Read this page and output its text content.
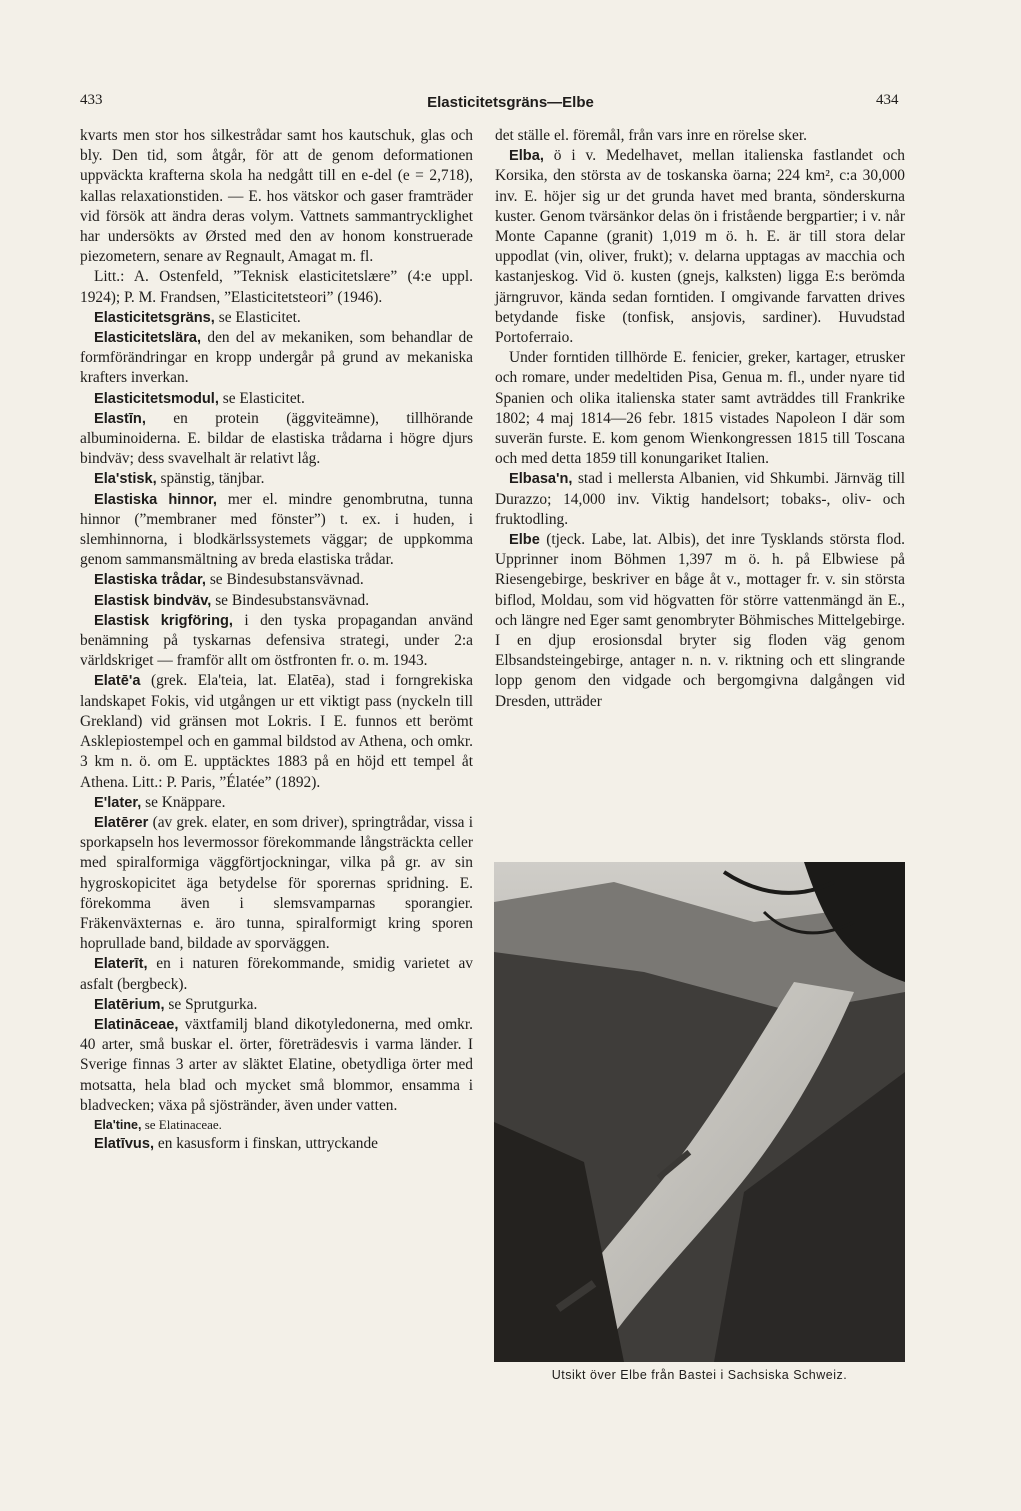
433	Elasticitetsgräns—Elbe	434

kvarts men stor hos silkestrådar samt hos kautschuk, glas och bly. Den tid, som åtgår, för att de genom deformationen uppväckta krafterna skola ha nedgått till en e-del (e = 2,718), kallas relaxationstiden. — E. hos vätskor och gaser framträder vid försök att ändra deras volym. Vattnets sammantrycklighet har undersökts av Ørsted med den av honom konstruerade piezometern, senare av Regnault, Amagat m. fl.

Litt.: A. Ostenfeld, ”Teknisk elasticitetslære” (4:e uppl. 1924); P. M. Frandsen, ”Elasticitetsteori” (1946).

Elasticitetsgräns, se Elasticitet.

Elasticitetslära, den del av mekaniken, som behandlar de formförändringar en kropp undergår på grund av mekaniska krafters inverkan.

Elasticitetsmodul, se Elasticitet.

Elastīn, en protein (äggviteämne), tillhörande albuminoiderna. E. bildar de elastiska trådarna i högre djurs bindväv; dess svavelhalt är relativt låg.

Ela'stisk, spänstig, tänjbar.

Elastiska hinnor, mer el. mindre genombrutna, tunna hinnor (”membraner med fönster”) t. ex. i huden, i slemhinnorna, i blodkärlssystemets väggar; de uppkomma genom sammansmältning av breda elastiska trådar.

Elastiska trådar, se Bindesubstansvävnad.

Elastisk bindväv, se Bindesubstansvävnad.

Elastisk krigföring, i den tyska propagandan använd benämning på tyskarnas defensiva strategi, under 2:a världskriget — framför allt om östfronten fr. o. m. 1943.

Elatē'a (grek. Ela'teia, lat. Elatēa), stad i forngrekiska landskapet Fokis, vid utgången ur ett viktigt pass (nyckeln till Grekland) vid gränsen mot Lokris. I E. funnos ett berömt Asklepiostempel och en gammal bildstod av Athena, och omkr. 3 km n. ö. om E. upptäcktes 1883 på en höjd ett tempel åt Athena. Litt.: P. Paris, ”Élatée” (1892).

E'later, se Knäppare.

Elatērer (av grek. elater, en som driver), springtrådar, vissa i sporkapseln hos levermossor förekommande långsträckta celler med spiralformiga väggförtjockningar, vilka på gr. av sin hygroskopicitet äga betydelse för sporernas spridning. E. förekomma även i slemsvamparnas sporangier. Fräkenväxternas e. äro tunna, spiralformigt kring sporen hoprullade band, bildade av sporväggen.

Elaterīt, en i naturen förekommande, smidig varietet av asfalt (bergbeck).

Elatērium, se Sprutgurka.

Elatināceae, växtfamilj bland dikotyledonerna, med omkr. 40 arter, små buskar el. örter, företrädesvis i varma länder. I Sverige finnas 3 arter av släktet Elatine, obetydliga örter med motsatta, hela blad och mycket små blommor, ensamma i bladvecken; växa på sjöstränder, även under vatten.

Ela'tine, se Elatinaceae.

Elatīvus, en kasusform i finskan, uttryckande

det ställe el. föremål, från vars inre en rörelse sker.

Elba, ö i v. Medelhavet, mellan italienska fastlandet och Korsika, den största av de toskanska öarna; 224 km², c:a 30,000 inv. E. höjer sig ur det grunda havet med branta, sönderskurna kuster. Genom tvärsänkor delas ön i fristående bergpartier; i v. når Monte Capanne (granit) 1,019 m ö. h. E. är till stora delar uppodlat (vin, oliver, frukt); v. delarna upptagas av macchia och kastanjeskog. Vid ö. kusten (gnejs, kalksten) ligga E:s berömda järngruvor, kända sedan forntiden. I omgivande farvatten drives betydande fiske (tonfisk, ansjovis, sardiner). Huvudstad Portoferraio.

Under forntiden tillhörde E. fenicier, greker, kartager, etrusker och romare, under medeltiden Pisa, Genua m. fl., under nyare tid Spanien och olika italienska stater samt avträddes till Frankrike 1802; 4 maj 1814—26 febr. 1815 vistades Napoleon I där som suverän furste. E. kom genom Wienkongressen 1815 till Toscana och med detta 1859 till konungariket Italien.

Elbasa'n, stad i mellersta Albanien, vid Shkumbi. Järnväg till Durazzo; 14,000 inv. Viktig handelsort; tobaks-, oliv- och fruktodling.

Elbe (tjeck. Labe, lat. Albis), det inre Tysklands största flod. Upprinner inom Böhmen 1,397 m ö. h. på Elbwiese på Riesengebirge, beskriver en båge åt v., mottager fr. v. sin största biflod, Moldau, som vid högvatten för större vattenmängd än E., och längre ned Eger samt genombryter Böhmisches Mittelgebirge. I en djup erosionsdal bryter sig floden väg genom Elbsandsteingebirge, antager n. n. v. riktning och ett slingrande lopp genom den vidgade och bergomgivna dalgången vid Dresden, utträder

Utsikt över Elbe från Bastei i Sachsiska Schweiz.
